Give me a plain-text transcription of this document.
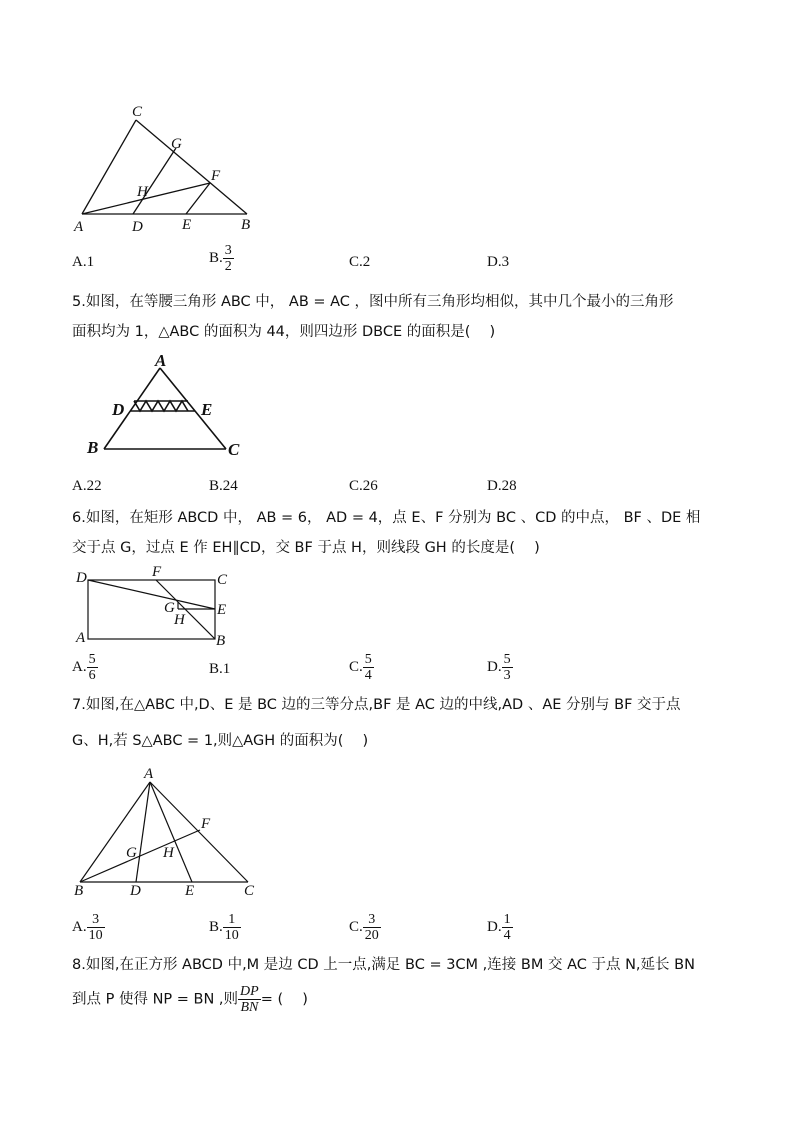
C
G
F
H
A	D	E	B
A.1	B. $\frac{3}{2}$	C.2	D.3
5.如图，在等腰三角形 ABC 中， AB = AC ，图中所有三角形均相似，其中几个最小的三角形
面积均为 1，△ABC 的面积为 44，则四边形 DBCE 的面积是(　 )
A
D	E
B	C
A.22	B.24	C.26	D.28
6.如图，在矩形 ABCD 中， AB = 6， AD = 4，点 E、F 分别为 BC 、CD 的中点， BF 、DE 相
交于点 G，过点 E 作 EH∥CD，交 BF 于点 H，则线段 GH 的长度是(　 )
D	F	C
G	E
H
A	B
A. $\frac{5}{6}$	B.1	C. $\frac{5}{4}$	D. $\frac{5}{3}$
7.如图,在△ABC 中,D、E 是 BC 边的三等分点,BF 是 AC 边的中线,AD 、AE 分别与 BF 交于点
G、H,若 S△ABC = 1,则△AGH 的面积为(　 )
A
F
G H
B	D	E	C
A. $\frac{3}{10}$	B. $\frac{1}{10}$	C. $\frac{3}{20}$	D. $\frac{1}{4}$
8.如图,在正方形 ABCD 中,M 是边 CD 上一点,满足 BC = 3CM ,连接 BM 交 AC 于点 N,延长 BN
到点 P 使得 NP = BN ,则 $\frac{DP}{BN}$ = (　 )
